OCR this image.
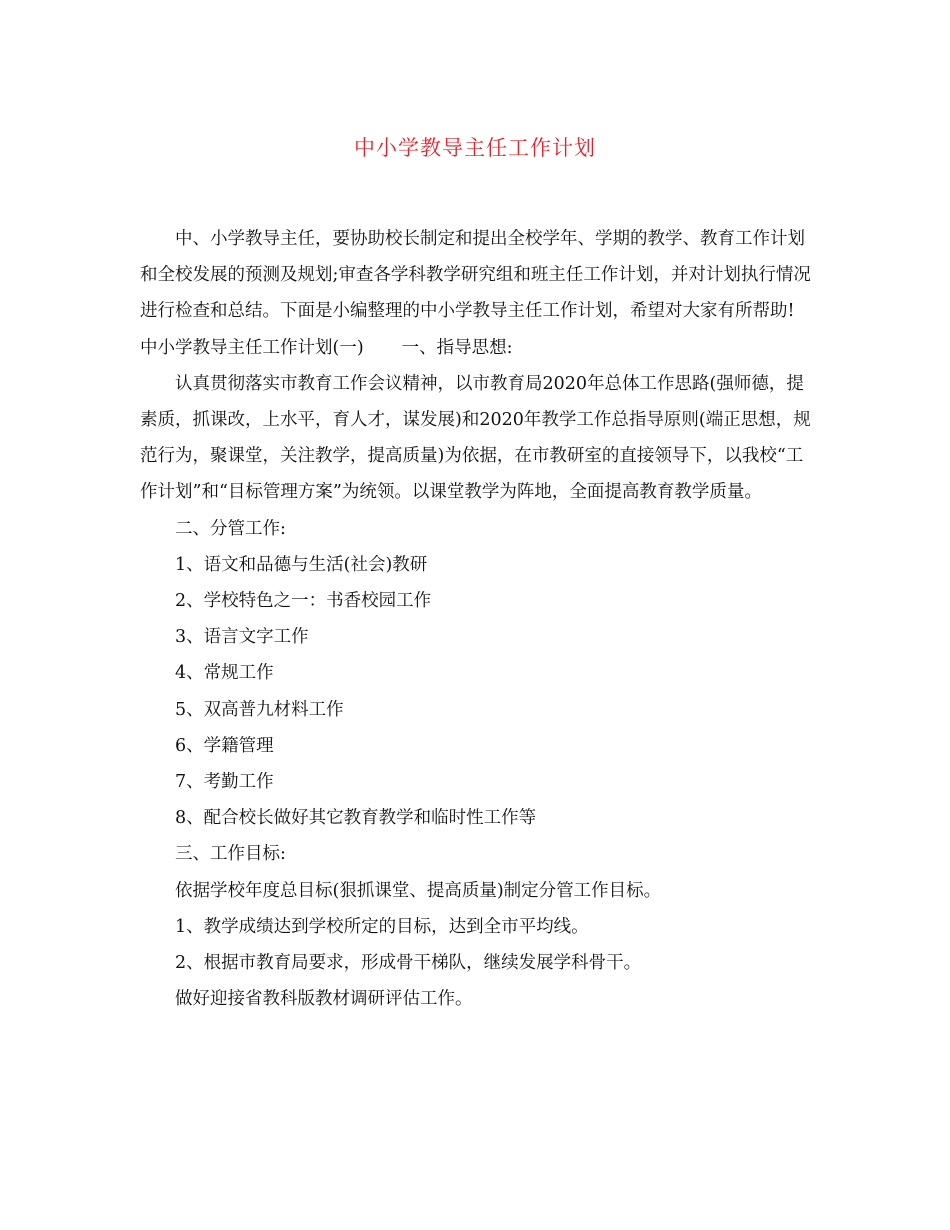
中小学教导主任工作计划

中、小学教导主任，要协助校长制定和提出全校学年、学期的教学、教育工作计划和全校发展的预测及规划;审查各学科教学研究组和班主任工作计划，并对计划执行情况进行检查和总结。下面是小编整理的中小学教导主任工作计划，希望对大家有所帮助!

中小学教导主任工作计划(一) 一、指导思想:

认真贯彻落实市教育工作会议精神，以市教育局2020年总体工作思路(强师德，提素质，抓课改，上水平，育人才，谋发展)和2020年教学工作总指导原则(端正思想，规范行为，聚课堂，关注教学，提高质量)为依据，在市教研室的直接领导下，以我校“工作计划”和“目标管理方案”为统领。以课堂教学为阵地，全面提高教育教学质量。

二、分管工作:

1、语文和品德与生活(社会)教研

2、学校特色之一：书香校园工作

3、语言文字工作

4、常规工作

5、双高普九材料工作

6、学籍管理

7、考勤工作

8、配合校长做好其它教育教学和临时性工作等

三、工作目标:

依据学校年度总目标(狠抓课堂、提高质量)制定分管工作目标。

1、教学成绩达到学校所定的目标，达到全市平均线。

2、根据市教育局要求，形成骨干梯队，继续发展学科骨干。

做好迎接省教科版教材调研评估工作。
